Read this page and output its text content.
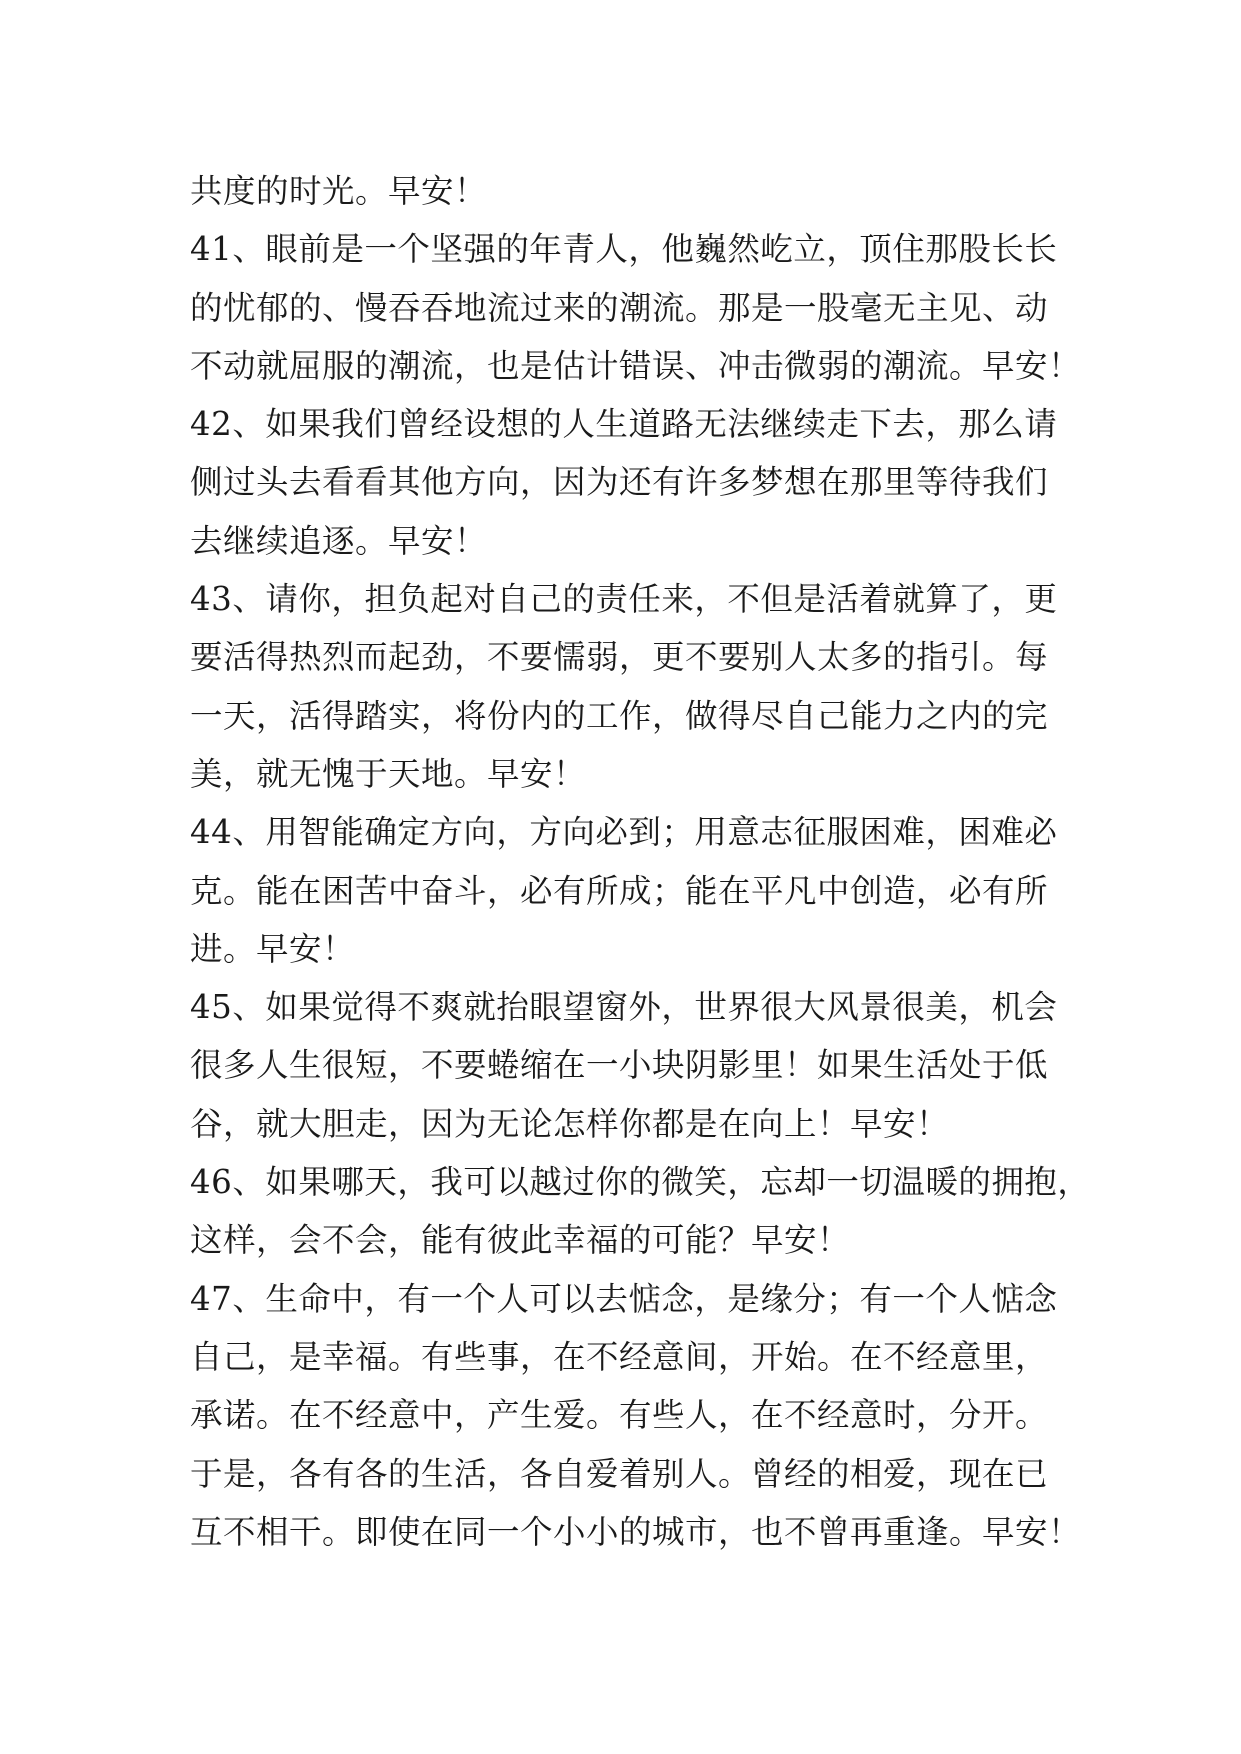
共度的时光。早安！
41、眼前是一个坚强的年青人，他巍然屹立，顶住那股长长
的忧郁的、慢吞吞地流过来的潮流。那是一股毫无主见、动
不动就屈服的潮流，也是估计错误、冲击微弱的潮流。早安！
42、如果我们曾经设想的人生道路无法继续走下去，那么请
侧过头去看看其他方向，因为还有许多梦想在那里等待我们
去继续追逐。早安！
43、请你，担负起对自己的责任来，不但是活着就算了，更
要活得热烈而起劲，不要懦弱，更不要别人太多的指引。每
一天，活得踏实，将份内的工作，做得尽自己能力之内的完
美，就无愧于天地。早安！
44、用智能确定方向，方向必到；用意志征服困难，困难必
克。能在困苦中奋斗，必有所成；能在平凡中创造，必有所
进。早安！
45、如果觉得不爽就抬眼望窗外，世界很大风景很美，机会
很多人生很短，不要蜷缩在一小块阴影里！如果生活处于低
谷，就大胆走，因为无论怎样你都是在向上！早安！
46、如果哪天，我可以越过你的微笑，忘却一切温暖的拥抱，
这样，会不会，能有彼此幸福的可能？早安！
47、生命中，有一个人可以去惦念，是缘分；有一个人惦念
自己，是幸福。有些事，在不经意间，开始。在不经意里，
承诺。在不经意中，产生爱。有些人，在不经意时，分开。
于是，各有各的生活，各自爱着别人。曾经的相爱，现在已
互不相干。即使在同一个小小的城市，也不曾再重逢。早安！
